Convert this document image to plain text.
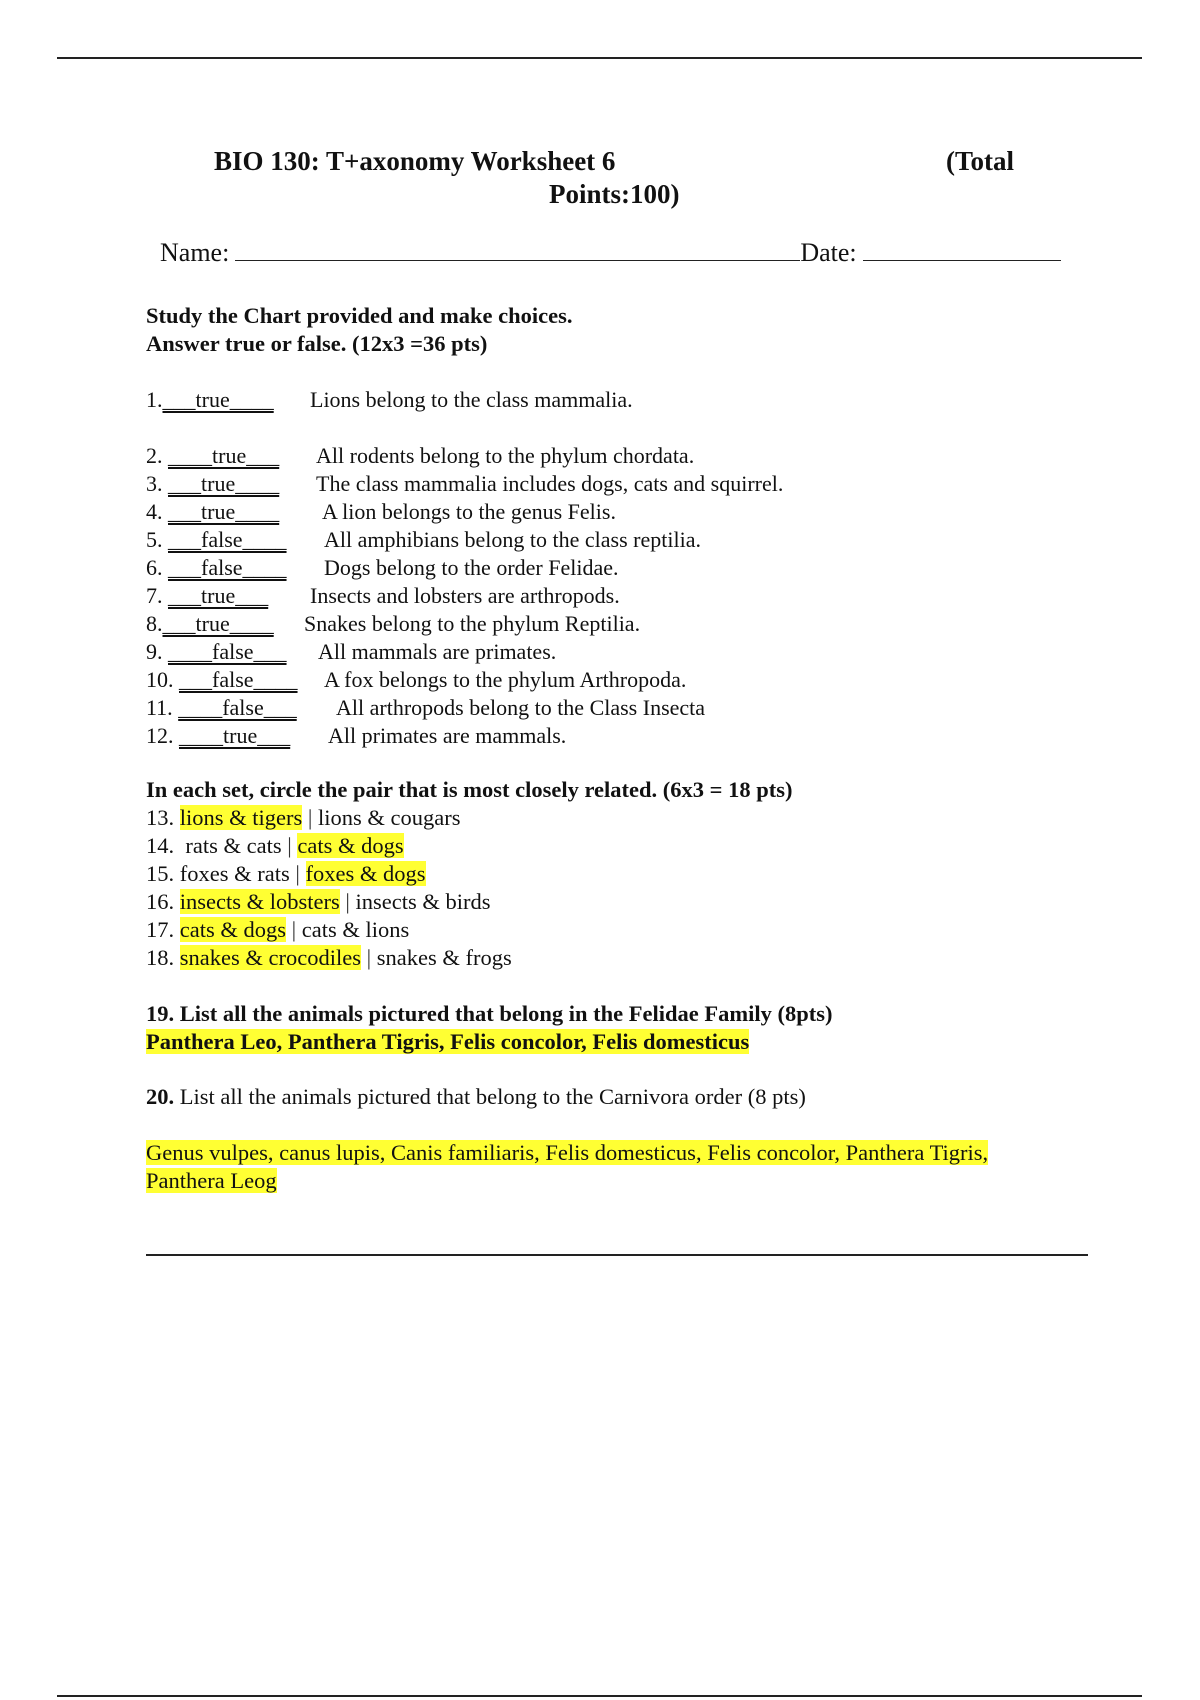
BIO 130: T+axonomy Worksheet 6	(Total
Points:100)
Name:	Date:
Study the Chart provided and make choices.
Answer true or false. (12x3 =36 pts)
1.___true____ Lions belong to the class mammalia.
2. ____true___ All rodents belong to the phylum chordata.
3. ___true____ The class mammalia includes dogs, cats and squirrel.
4. ___true____ A lion belongs to the genus Felis.
5. ___false____ All amphibians belong to the class reptilia.
6. ___false____ Dogs belong to the order Felidae.
7. ___true___ Insects and lobsters are arthropods.
8.___true____ Snakes belong to the phylum Reptilia.
9. ____false___ All mammals are primates.
10. ___false____ A fox belongs to the phylum Arthropoda.
11. ____false___ All arthropods belong to the Class Insecta
12. ____true___ All primates are mammals.
In each set, circle the pair that is most closely related. (6x3 = 18 pts)
13. lions & tigers | lions & cougars
14. rats & cats | cats & dogs
15. foxes & rats | foxes & dogs
16. insects & lobsters | insects & birds
17. cats & dogs | cats & lions
18. snakes & crocodiles | snakes & frogs
19. List all the animals pictured that belong in the Felidae Family (8pts)
Panthera Leo, Panthera Tigris, Felis concolor, Felis domesticus
20. List all the animals pictured that belong to the Carnivora order (8 pts)
Genus vulpes, canus lupis, Canis familiaris, Felis domesticus, Felis concolor, Panthera Tigris,
Panthera Leog
